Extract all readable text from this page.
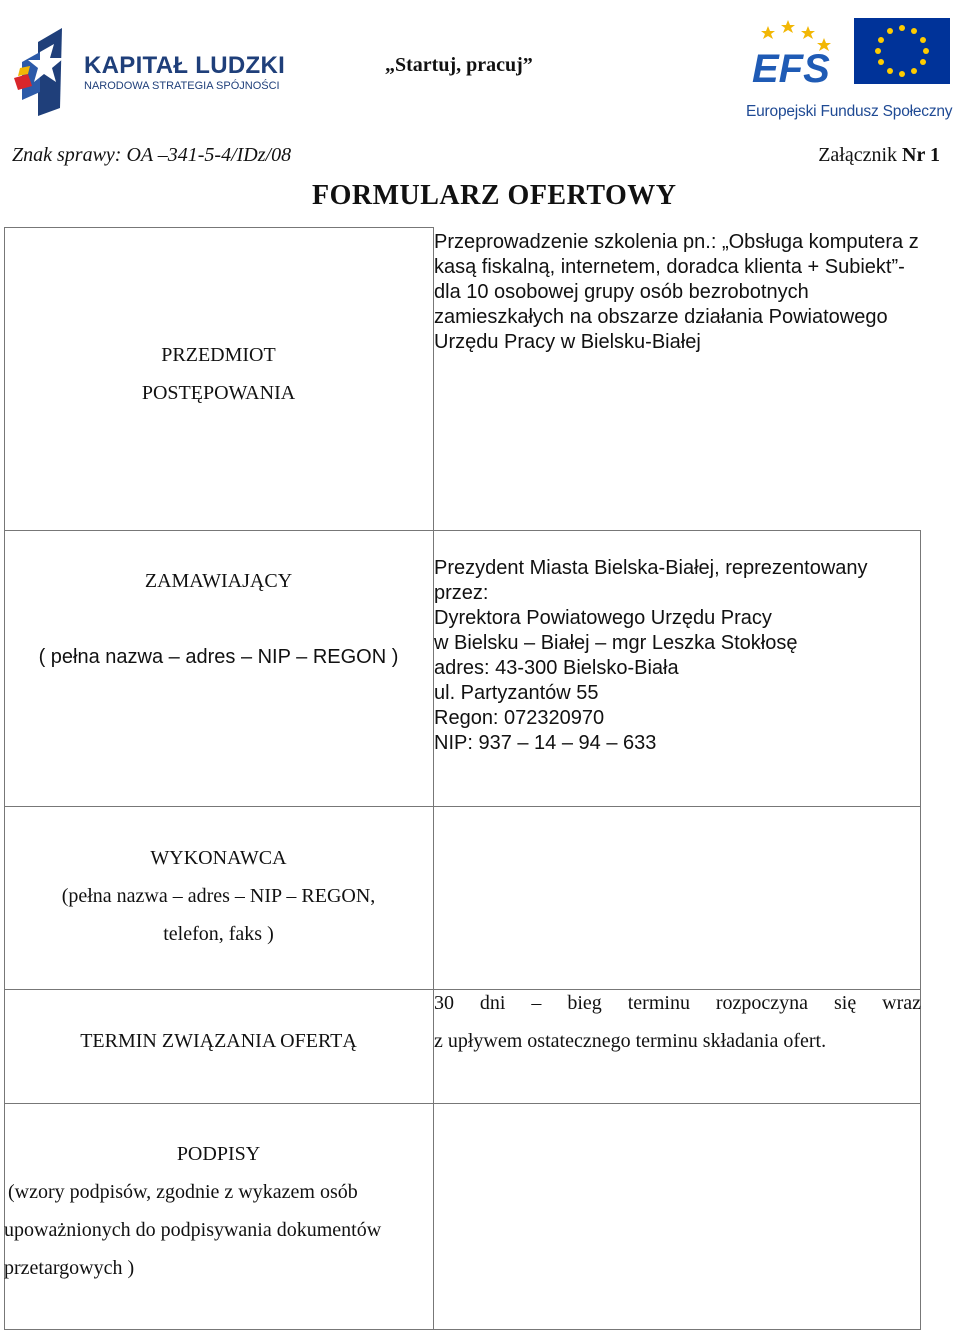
KAPITAŁ LUDZKI
NARODOWA STRATEGIA SPÓJNOŚCI
„Startuj, pracuj”	EFS
Europejski Fundusz Społeczny
Znak sprawy: OA –341-5-4/IDz/08	Załącznik Nr 1
FORMULARZ OFERTOWY
PRZEDMIOT
POSTĘPOWANIA
Przeprowadzenie szkolenia pn.: „Obsługa komputera z
kasą fiskalną, internetem, doradca klienta + Subiekt”-
dla 10 osobowej grupy osób bezrobotnych
zamieszkałych na obszarze działania Powiatowego
Urzędu Pracy w Bielsku-Białej
ZAMAWIAJĄCY
( pełna nazwa – adres – NIP – REGON )
Prezydent Miasta Bielska-Białej, reprezentowany
przez:
Dyrektora Powiatowego Urzędu Pracy
w Bielsku – Białej – mgr Leszka Stokłosę
adres: 43-300 Bielsko-Biała
ul. Partyzantów 55
Regon: 072320970
NIP: 937 – 14 – 94 – 633
WYKONAWCA
(pełna nazwa – adres – NIP – REGON,
telefon, faks )
TERMIN ZWIĄZANIA OFERTĄ
30 dni – bieg terminu rozpoczyna się wraz
z upływem ostatecznego terminu składania ofert.
PODPISY
(wzory podpisów, zgodnie z wykazem osób
upoważnionych do podpisywania dokumentów
przetargowych )
